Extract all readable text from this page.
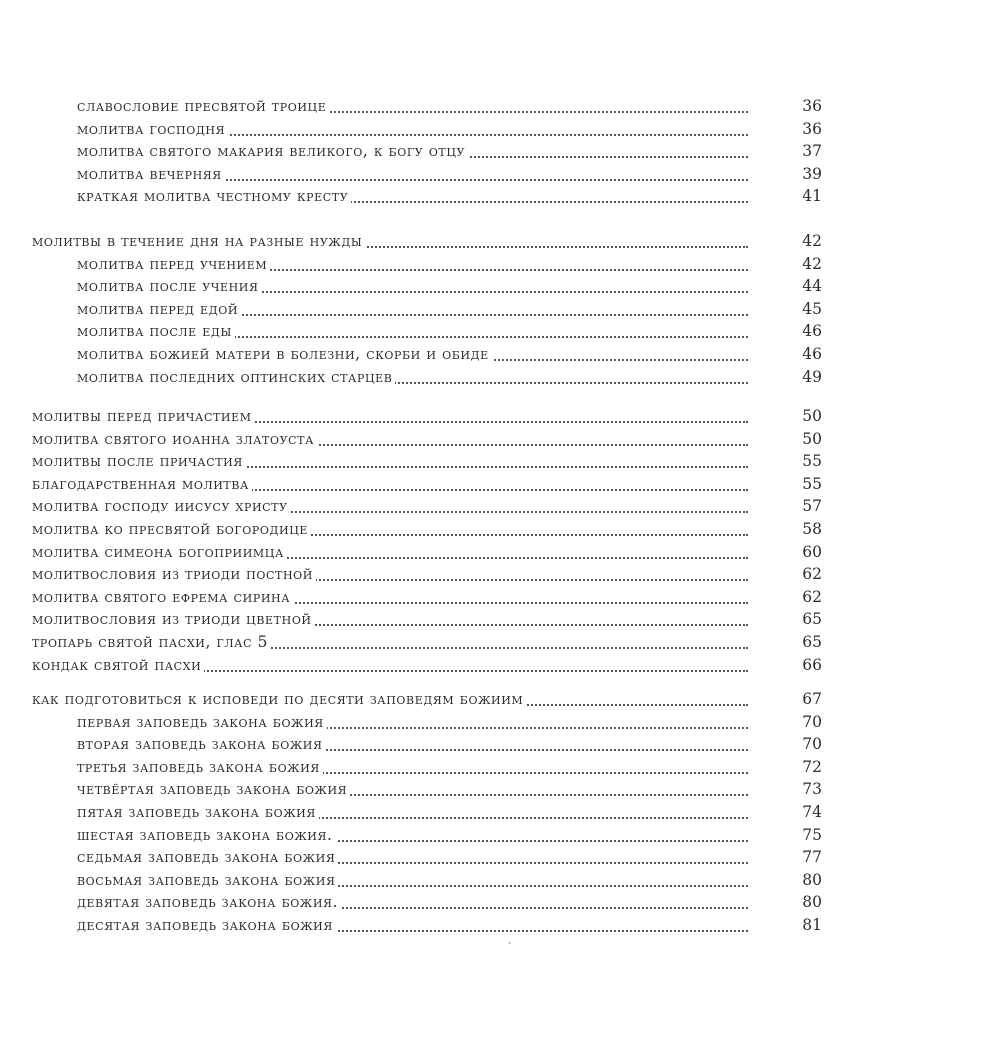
славословие пресвятой троице	36
молитва господня	36
молитва святого макария великого, к богу отцу	37
молитва вечерняя	39
краткая молитва честному кресту	41
молитвы в течение дня на разные нужды	42
молитва перед учением	42
молитва после учения	44
молитва перед едой	45
молитва после еды	46
молитва божией матери в болезни, скорби и обиде	46
молитва последних оптинских старцев	49
молитвы перед причастием	50
молитва святого иоанна златоуста	50
молитвы после причастия	55
благодарственная молитва	55
молитва господу иисусу христу	57
молитва ко пресвятой богородице	58
молитва симеона богоприимца	60
молитвословия из триоди постной	62
молитва святого ефрема сирина	62
молитвословия из триоди цветной	65
тропарь святой пасхи, глас 5	65
кондак святой пасхи	66
как подготовиться к исповеди по десяти заповедям божиим	67
первая заповедь закона божия	70
вторая заповедь закона божия	70
третья заповедь закона божия	72
четвёртая заповедь закона божия	73
пятая заповедь закона божия	74
шестая заповедь закона божия.	75
седьмая заповедь закона божия	77
восьмая заповедь закона божия	80
девятая заповедь закона божия.	80
десятая заповедь закона божия	81
